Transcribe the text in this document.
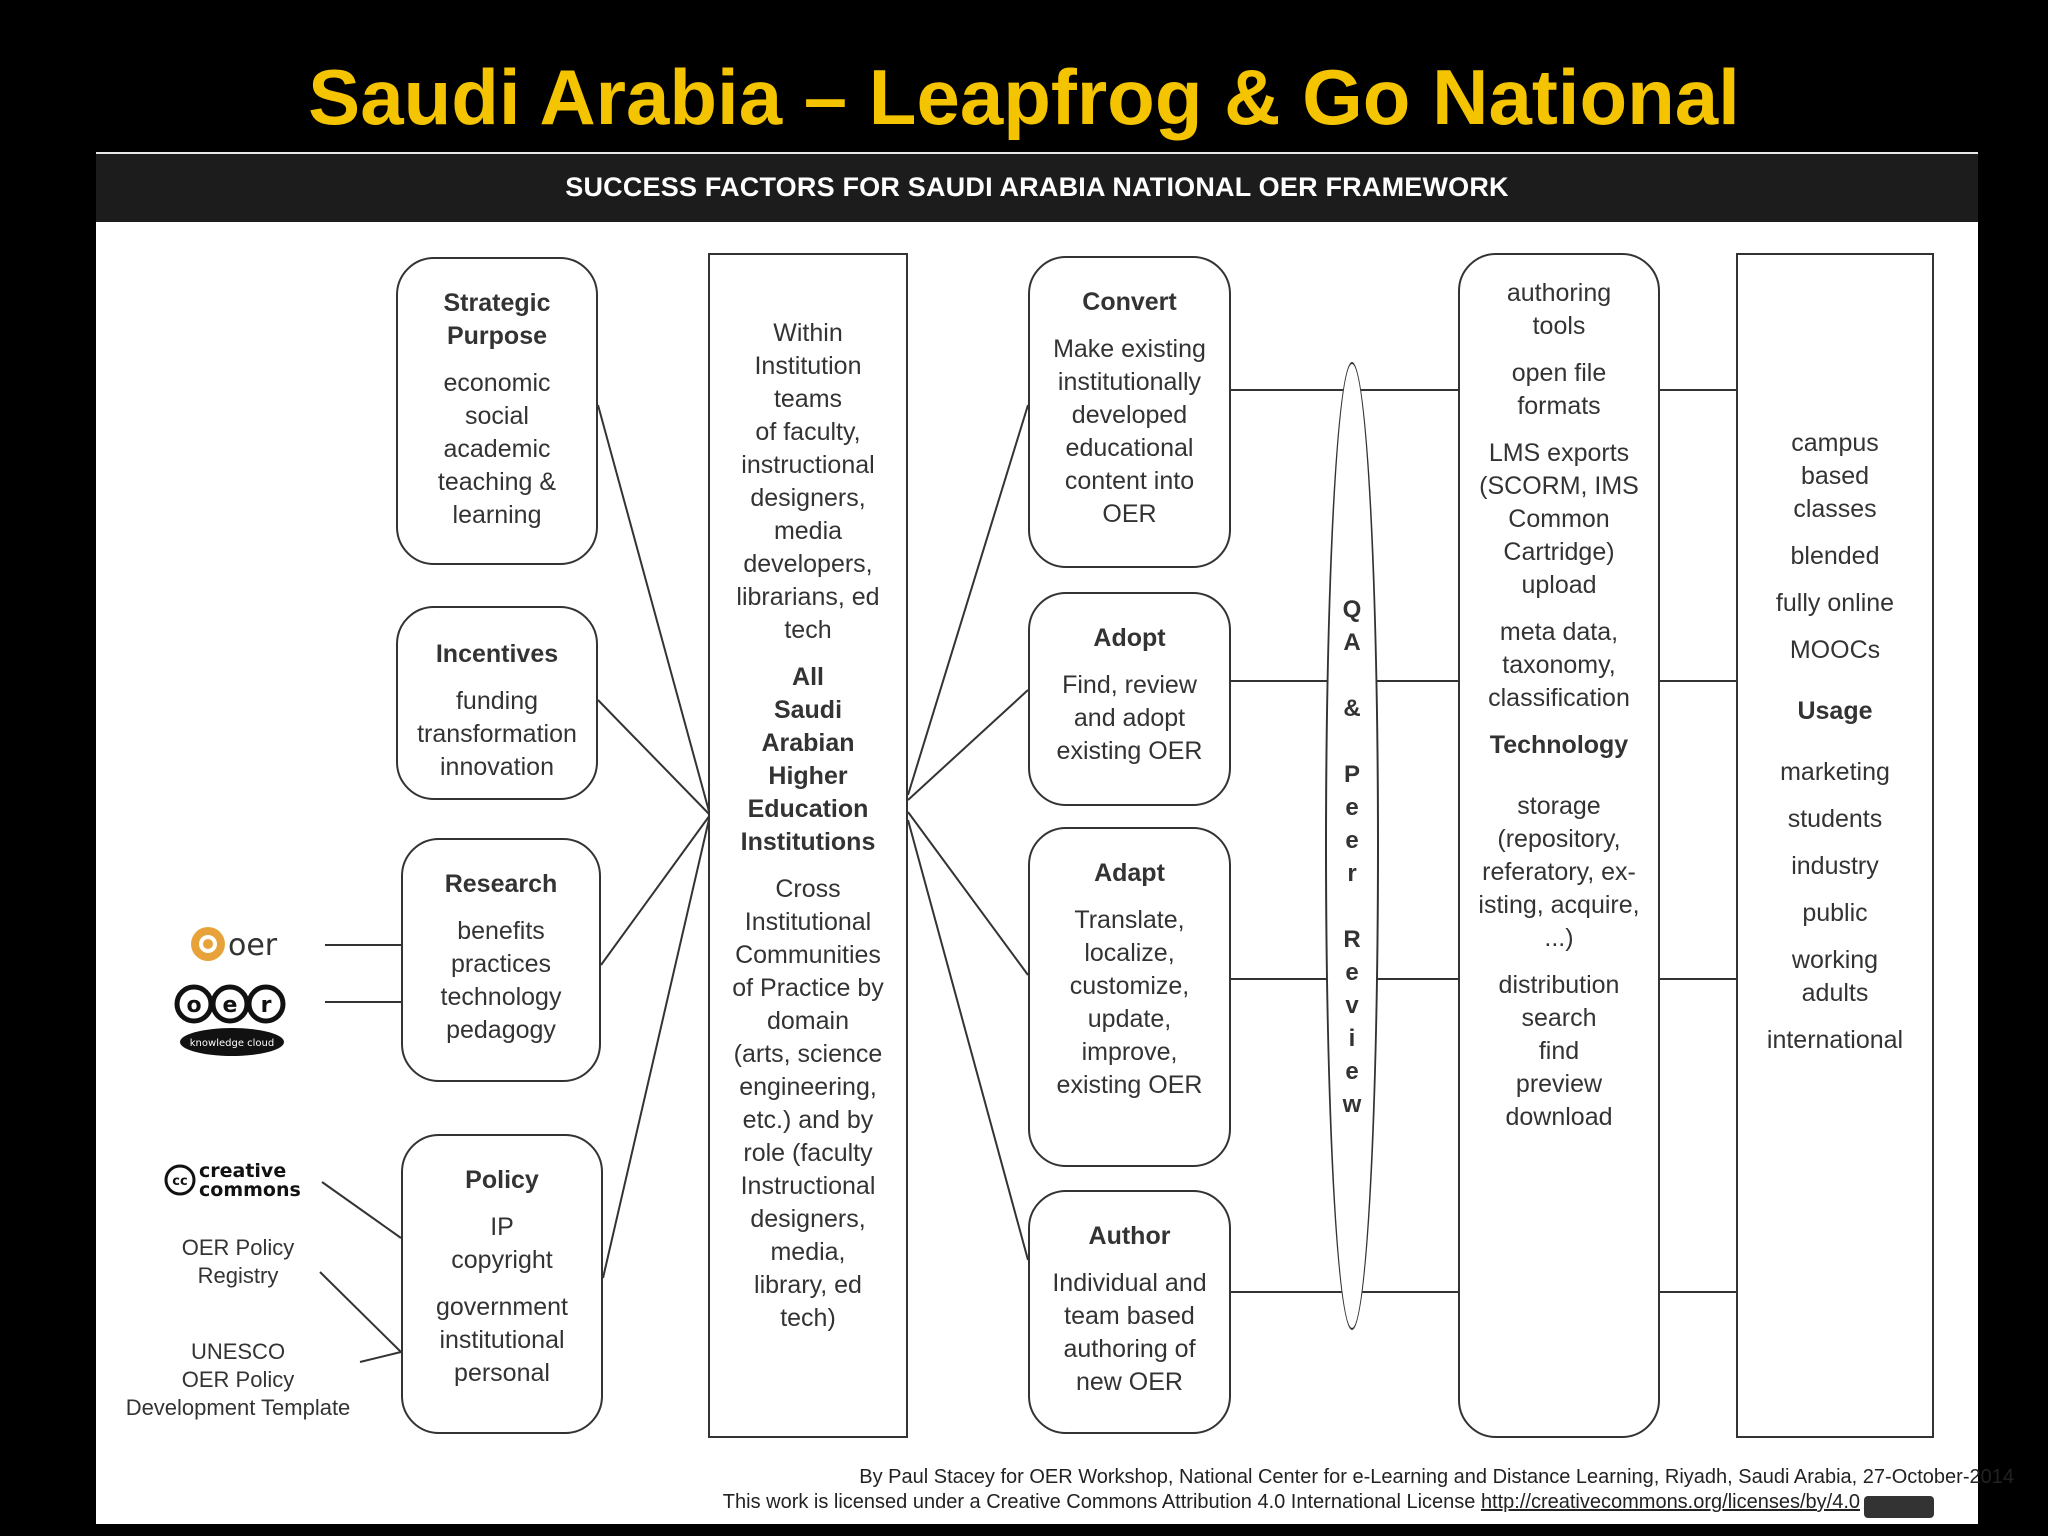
Saudi Arabia – Leapfrog & Go National
SUCCESS FACTORS FOR SAUDI ARABIA NATIONAL OER FRAMEWORK
Strategic
Purpose
economic
social
academic
teaching &
learning
Incentives
funding
transformation
innovation
Research
benefits
practices
technology
pedagogy
Policy
IP
copyright
government
institutional
personal
Within
Institution
teams
of faculty,
instructional
designers,
media
developers,
librarians, ed
tech
All
Saudi
Arabian
Higher
Education
Institutions
Cross
Institutional
Communities
of Practice by
domain
(arts, science
engineering,
etc.) and by
role (faculty
Instructional
designers,
media,
library, ed
tech)
Convert
Make existing
institutionally
developed
educational
content into
OER
Adopt
Find, review
and adopt
existing OER
Adapt
Translate,
localize,
customize,
update,
improve,
existing OER
Author
Individual and
team based
authoring of
new OER
Q
A
&
P
e
e
r
R
e
v
i
e
w
authoring
tools
open file
formats
LMS exports
(SCORM, IMS
Common
Cartridge)
upload
meta data,
taxonomy,
classification
Technology
storage
(repository,
referatory, ex-
isting, acquire,
...)
distribution
search
find
preview
download
campus
based
classes
blended
fully online
MOOCs
Usage
marketing
students
industry
public
working
adults
international
oer
o e r
knowledge cloud
cc creative
commons
OER Policy
Registry
UNESCO
OER Policy
Development Template
By Paul Stacey for OER Workshop, National Center for e-Learning and Distance Learning, Riyadh, Saudi Arabia, 27-October-2014
This work is licensed under a Creative Commons Attribution 4.0 International License http://creativecommons.org/licenses/by/4.0
